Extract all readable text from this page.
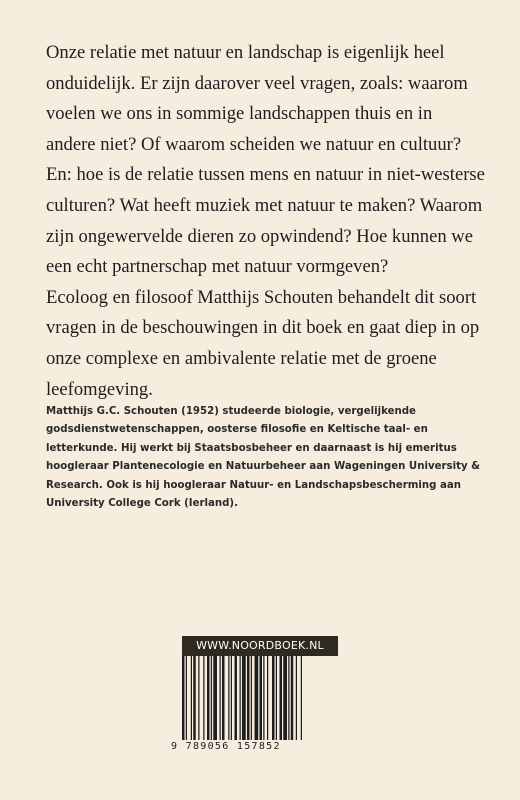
Onze relatie met natuur en landschap is eigenlijk heel onduidelijk. Er zijn daarover veel vragen, zoals: waarom voelen we ons in sommige landschappen thuis en in andere niet? Of waarom scheiden we natuur en cultuur? En: hoe is de relatie tussen mens en natuur in niet-westerse culturen? Wat heeft muziek met natuur te maken? Waarom zijn ongewervelde dieren zo opwindend? Hoe kunnen we een echt partnerschap met natuur vormgeven?

Ecoloog en filosoof Matthijs Schouten behandelt dit soort vragen in de beschouwingen in dit boek en gaat diep in op onze complexe en ambivalente relatie met de groene leefomgeving.

Matthijs G.C. Schouten (1952) studeerde biologie, vergelijkende godsdienstwetenschappen, oosterse filosofie en Keltische taal- en letterkunde. Hij werkt bij Staatsbosbeheer en daarnaast is hij emeritus hoogleraar Plantenecologie en Natuurbeheer aan Wageningen University & Research. Ook is hij hoogleraar Natuur- en Landschapsbescherming aan University College Cork (Ierland).

WWW.NOORDBOEK.NL
9 789056 157852
